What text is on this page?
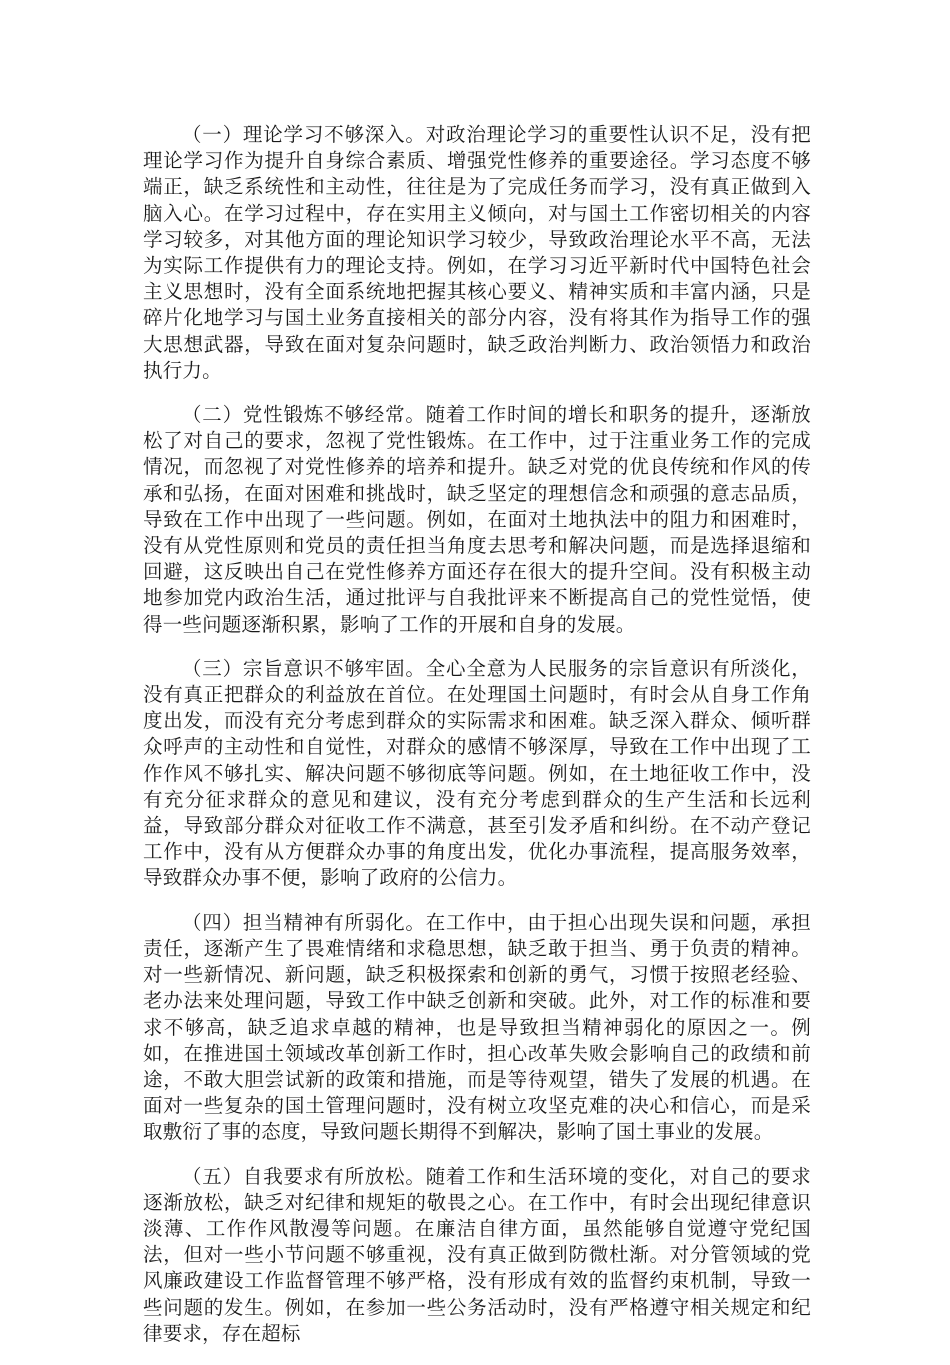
（一）理论学习不够深入。对政治理论学习的重要性认识不足，没有把理论学习作为提升自身综合素质、增强党性修养的重要途径。学习态度不够端正，缺乏系统性和主动性，往往是为了完成任务而学习，没有真正做到入脑入心。在学习过程中，存在实用主义倾向，对与国土工作密切相关的内容学习较多，对其他方面的理论知识学习较少，导致政治理论水平不高，无法为实际工作提供有力的理论支持。例如，在学习习近平新时代中国特色社会主义思想时，没有全面系统地把握其核心要义、精神实质和丰富内涵，只是碎片化地学习与国土业务直接相关的部分内容，没有将其作为指导工作的强大思想武器，导致在面对复杂问题时，缺乏政治判断力、政治领悟力和政治执行力。

（二）党性锻炼不够经常。随着工作时间的增长和职务的提升，逐渐放松了对自己的要求，忽视了党性锻炼。在工作中，过于注重业务工作的完成情况，而忽视了对党性修养的培养和提升。缺乏对党的优良传统和作风的传承和弘扬，在面对困难和挑战时，缺乏坚定的理想信念和顽强的意志品质，导致在工作中出现了一些问题。例如，在面对土地执法中的阻力和困难时，没有从党性原则和党员的责任担当角度去思考和解决问题，而是选择退缩和回避，这反映出自己在党性修养方面还存在很大的提升空间。没有积极主动地参加党内政治生活，通过批评与自我批评来不断提高自己的党性觉悟，使得一些问题逐渐积累，影响了工作的开展和自身的发展。

（三）宗旨意识不够牢固。全心全意为人民服务的宗旨意识有所淡化，没有真正把群众的利益放在首位。在处理国土问题时，有时会从自身工作角度出发，而没有充分考虑到群众的实际需求和困难。缺乏深入群众、倾听群众呼声的主动性和自觉性，对群众的感情不够深厚，导致在工作中出现了工作作风不够扎实、解决问题不够彻底等问题。例如，在土地征收工作中，没有充分征求群众的意见和建议，没有充分考虑到群众的生产生活和长远利益，导致部分群众对征收工作不满意，甚至引发矛盾和纠纷。在不动产登记工作中，没有从方便群众办事的角度出发，优化办事流程，提高服务效率，导致群众办事不便，影响了政府的公信力。

（四）担当精神有所弱化。在工作中，由于担心出现失误和问题，承担责任，逐渐产生了畏难情绪和求稳思想，缺乏敢于担当、勇于负责的精神。对一些新情况、新问题，缺乏积极探索和创新的勇气，习惯于按照老经验、老办法来处理问题，导致工作中缺乏创新和突破。此外，对工作的标准和要求不够高，缺乏追求卓越的精神，也是导致担当精神弱化的原因之一。例如，在推进国土领域改革创新工作时，担心改革失败会影响自己的政绩和前途，不敢大胆尝试新的政策和措施，而是等待观望，错失了发展的机遇。在面对一些复杂的国土管理问题时，没有树立攻坚克难的决心和信心，而是采取敷衍了事的态度，导致问题长期得不到解决，影响了国土事业的发展。

（五）自我要求有所放松。随着工作和生活环境的变化，对自己的要求逐渐放松，缺乏对纪律和规矩的敬畏之心。在工作中，有时会出现纪律意识淡薄、工作作风散漫等问题。在廉洁自律方面，虽然能够自觉遵守党纪国法，但对一些小节问题不够重视，没有真正做到防微杜渐。对分管领域的党风廉政建设工作监督管理不够严格，没有形成有效的监督约束机制，导致一些问题的发生。例如，在参加一些公务活动时，没有严格遵守相关规定和纪律要求，存在超标
